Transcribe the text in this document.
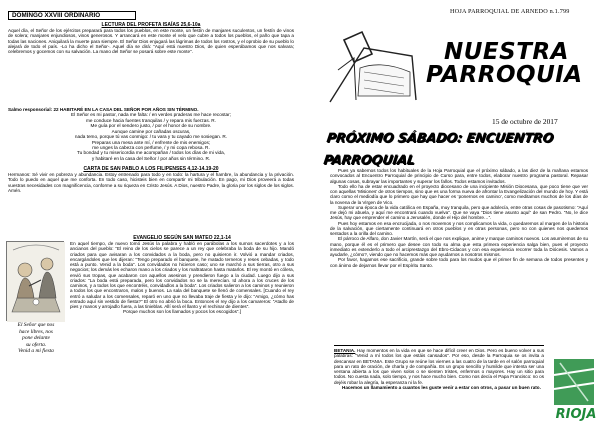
DOMINGO XXVIII ORDINARIO
LECTURA DEL PROFETA ISAÍAS 25,6-10a
Aquel día, el Señor de los ejércitos preparará para todos los pueblos, en este monte, un festín de manjares suculentos, un festín de vinos de solera; manjares enjundiosos, vinos generosos. Y arrancará en este monte el velo que cubre a todos los pueblos, el paño que tapa a todas las naciones. Aniquilará la muerte para siempre. El Señor Dios enjugará las lágrimas de todos los rostros, y el oprobio de su pueblo lo alejará de todo el país. -Lo ha dicho el Señor-. Aquel día se dirá: “Aquí está nuestro Dios, de quien esperábamos que nos salvara; celebremos y gocemos con su salvación. La mano del Señor se posará sobre este monte”.
Salmo responsorial: 22 HABITARÉ EN LA CASA DEL SEÑOR POR AÑOS SIN TÉRMINO.
El Señor es mi pastor, nada me falta: / en verdes praderas me hace recostar;
me conduce hacia fuentes tranquilas / y repara mis fuerzas. R.
Me guía por el sendero justo, / por el honor de su nombre.
Aunque camine por cañadas oscuras,
nada temo, porque tú vas conmigo: / tu vara y tu cayado me sosiegan. R.
Preparas una mesa ante mí, / enfrente de mis enemigos;
me unges la cabeza con perfume, / y mi copa rebosa. R.
Tu bondad y tu misericordia me acompañan / todos los días de mi vida,
y habitaré en la casa del Señor / por años sin término. R.
CARTA DE SAN PABLO A LOS FILIPENSES 4,12-14.19-20
Hermanos: Sé vivir en pobreza y abundancia. Estoy entrenado para todo y en todo: la hartura y el hambre, la abundancia y la privación. Todo lo puedo en aquel que me conforta. En todo caso, hicisteis bien en compartir mi tribulación. En pago, mi Dios proveerá a todas vuestras necesidades con magnificencia, conforme a su riqueza en Cristo Jesús. A Dios, nuestro Padre, la gloria por los siglos de los siglos. Amén.
El Señor que nos
hace libres, nos
pone delante
su oferta.
Venid a mi fiesta
EVANGELIO SEGÚN SAN MATEO 22,1-14
En aquel tiempo, de nuevo tomó Jesús la palabra y habló en parábolas a los sumos sacerdotes y a los ancianos del pueblo: “El reino de los cielos se parece a un rey que celebraba la boda de su hijo. Mandó criados para que avisaran a los convidados a la boda, pero no quisieron ir. Volvió a mandar criados, encargándoles que les dijeran: “Tengo preparado el banquete, he matado terneros y reses cebadas, y todo está a punto. Venid a la boda”. Los convidados no hicieron caso; uno se marchó a sus tierras, otro a sus negocios; los demás les echaron mano a los criados y los maltrataron hasta matarlos. El rey montó en cólera, envió sus tropas, que acabaron con aquellos asesinos y prendieron fuego a la ciudad. Luego dijo a sus criados: “La boda está preparada, pero los convidados no se la merecían. Id ahora a los cruces de los caminos, y a todos los que encontréis, convidadlos a la boda”. Los criados salieron a los caminos y reunieron a todos los que encontraron, malos y buenos. La sala del banquete se llenó de comensales. [Cuando el rey entró a saludar a los comensales, reparó en uno que no llevaba traje de fiesta y le dijo: “Amigo, ¿cómo has entrado aquí sin vestido de fiesta?” El otro no abrió la boca. Entonces el rey dijo a los camareros: “Atadlo de pies y manos y arrojadlo fuera, a las tinieblas. Allí será el llanto y el rechinar de dientes”.
Porque muchos son los llamados y pocos los escogidos”.]
HOJA PARROQUIAL DE ARNEDO n.1.799
NUESTRA
PARROQUIA
15 de octubre de 2017
PRÓXIMO SÁBADO: ENCUENTRO PARROQUIAL
Pues ya sabemos todos los habituales de la Hoja Parroquial que el próximo sábado, a las diez de la mañana estamos convocados al Encuentro Parroquial de principio de Curso para, entre todos, elaborar nuestro programa pastoral. Repasar algunas cosas, subrayar las importantes y superar los fallos. Todos estamos invitados.
Todo ello ha de estar encuadrado en el proyecto diocesano de una incipiente Misión Diocesana, que poco tiene que ver con aquellas ‘Misiones’ de otros tiempos, sino que es una forma nueva de afrontar la Evangelización del mundo de hoy. Y está claro como el mediodía que lo primero que hay que hacer es ‘ponernos en camino’, como meditamos muchos de los días de la novena de la Virgen de Vico.
Superar una época de la vida católica en España, muy tranquila, pero que adolecía, entre otras cosas de pasotismo: “Aquí me dejó mi abuela, y aquí me encontrará cuando vuelva”. Que se vaya “Dios tiene asunto aquí” de san Pedro. “No, le dice Jesús, hay que emprender el camino a Jerusalén, donde el Hijo del hombre…”.
Pues hoy estamos en esa encrucijada, o nos movemos y nos complicamos la vida, o quedaremos al margen de la historia de la salvación, que ciertamente continuará en otros pueblos y en otras personas, pero no con quienes nos quedemos sentados a la orilla del camino.
El párroco de Alfaro, don Javier Martín, será el que nos explique, anime y marque caminos nuevos. Los asumiremos de su mano, porque él es el primero que desee con todo su alma que esta primera experiencia salga bien, pues el proyecto inmediato es extenderlo a todo el arciprestazgo del Ebro-Cidacos y con esa experiencia recorrer toda la Diócesis. Vamos a ayudarle, ¿cómo?, viendo que no hacemos más que ayudarnos a nosotros mismos.
Por favor, hagamos ese sacrificio, grande sobre todo para los mudos que el primer fin de semana de todos presentes y con ánimo de dejarnos llevar por el Espíritu Santo.
BETANIA. Hay momentos en la vida en que se hace difícil creer en Dios. Pero es bueno volver a sus palabras: “Venid a mí todos los que estáis cansados”. Por eso, desde la Parroquia se os invita a descansar en BETANIA. Este Grupo se reúne los viernes a las cuatro de la tarde en el salón parroquial para un rato de oración, de charla y de compañía. Es un grupo sencillo y humilde que intenta ser una ventana abierta a los que viven solos o se sienten tristes, enfermos o mayores. Hay un sitio para todos. No cuesta nada, solo tiempo, y nos hace mucho bien. Como nos decía el Papa Francisco: no os dejéis robar la alegría, la esperanza ni la fe.
Hacemos un llamamiento a cuantos les guste venir a estar con otros, a pasar un buen rato.
RIOJA
